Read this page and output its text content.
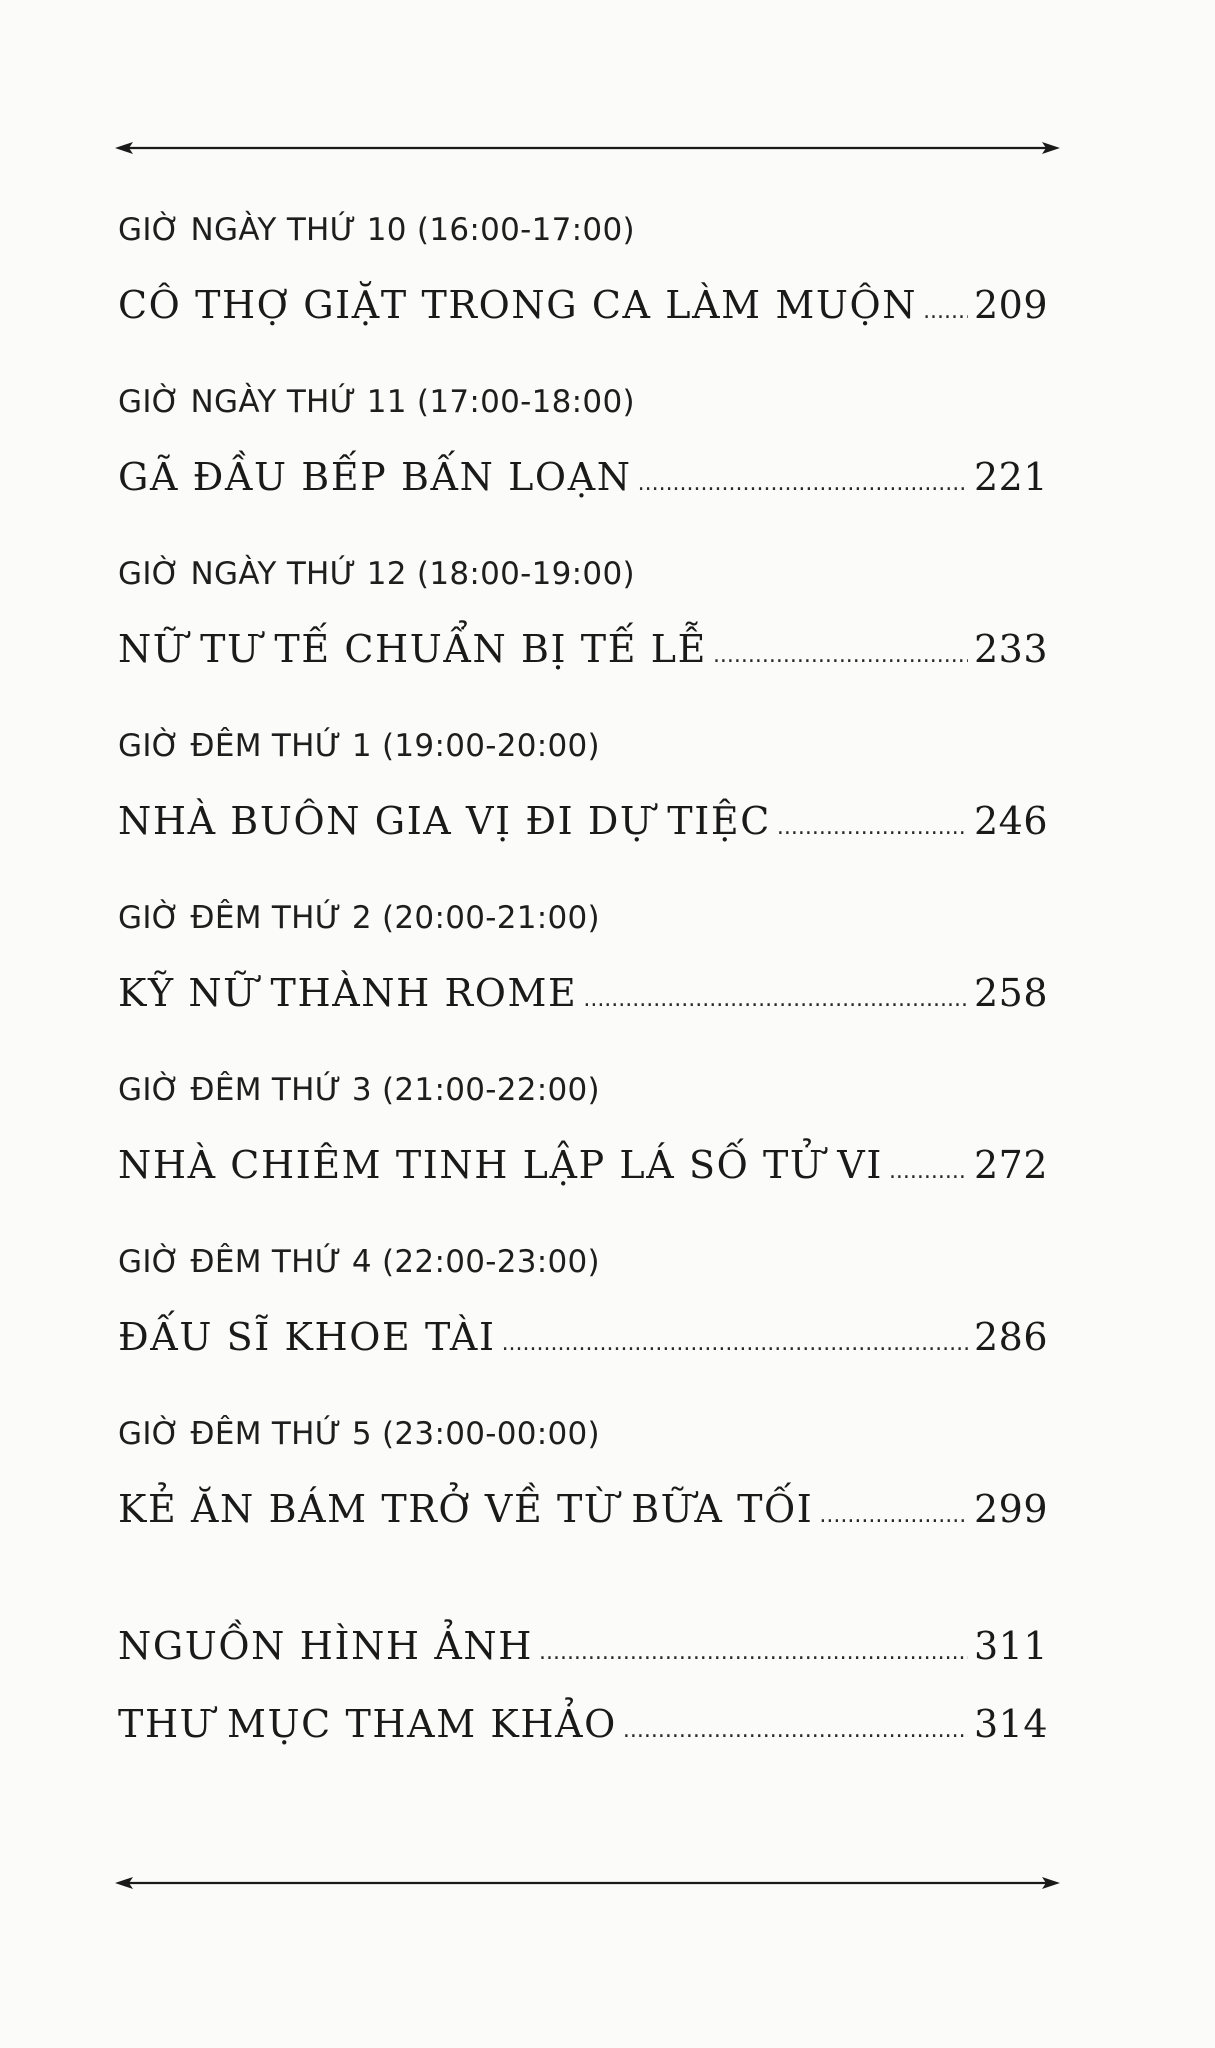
GIỜ NGÀY THỨ 10 (16:00-17:00)
CÔ THỢ GIẶT TRONG CA LÀM MUỘN ..... 209
GIỜ NGÀY THỨ 11 (17:00-18:00)
GÃ ĐẦU BẾP BẤN LOẠN .....	221
GIỜ NGÀY THỨ 12 (18:00-19:00)
NỮ TƯ TẾ CHUẨN BỊ TẾ LỄ .....	233
GIỜ ĐÊM THỨ 1 (19:00-20:00)
NHÀ BUÔN GIA VỊ ĐI DỰ TIỆC .....	246
GIỜ ĐÊM THỨ 2 (20:00-21:00)
KỸ NỮ THÀNH ROME .....	258
GIỜ ĐÊM THỨ 3 (21:00-22:00)
NHÀ CHIÊM TINH LẬP LÁ SỐ TỬ VI ..... 272
GIỜ ĐÊM THỨ 4 (22:00-23:00)
ĐẤU SĨ KHOE TÀI .....	286
GIỜ ĐÊM THỨ 5 (23:00-00:00)
KẺ ĂN BÁM TRỞ VỀ TỪ BỮA TỐI .....	299
NGUỒN HÌNH ẢNH .....	311
THƯ MỤC THAM KHẢO .....	314
